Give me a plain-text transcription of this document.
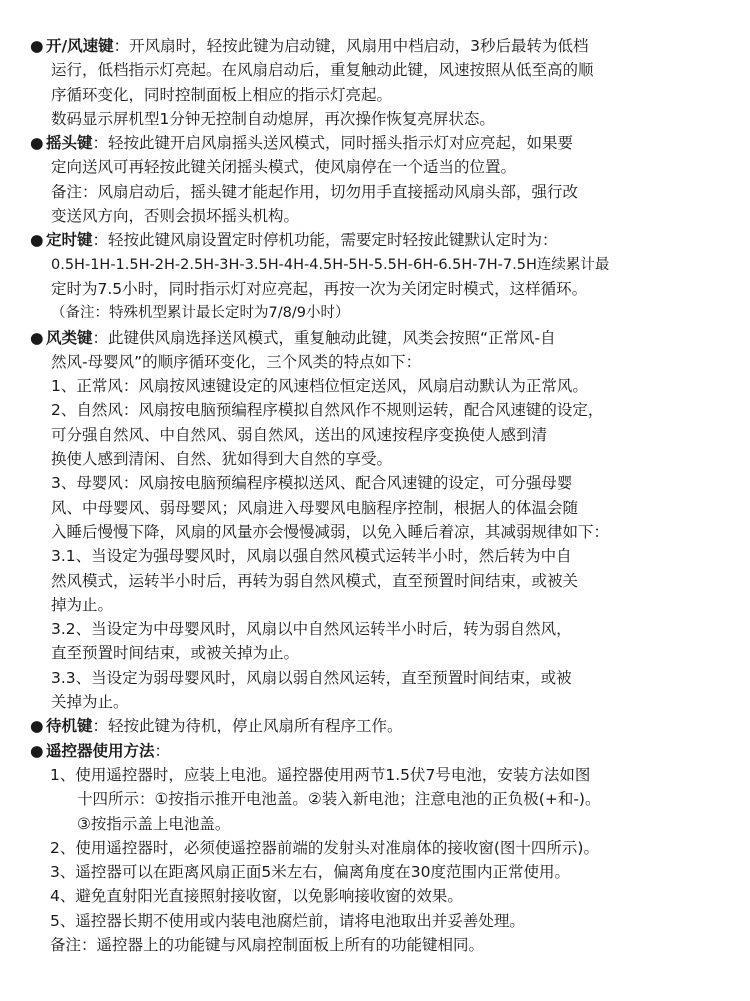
● 开/风速键：开风扇时，轻按此键为启动键，风扇用中档启动，3秒后最转为低档
运行，低档指示灯亮起。在风扇启动后，重复触动此键，风速按照从低至高的顺
序循环变化，同时控制面板上相应的指示灯亮起。
数码显示屏机型1分钟无控制自动熄屏，再次操作恢复亮屏状态。
● 摇头键：轻按此键开启风扇摇头送风模式，同时摇头指示灯对应亮起，如果要
定向送风可再轻按此键关闭摇头模式，使风扇停在一个适当的位置。
备注：风扇启动后，摇头键才能起作用，切勿用手直接摇动风扇头部，强行改
变送风方向，否则会损坏摇头机构。
● 定时键：轻按此键风扇设置定时停机功能，需要定时轻按此键默认定时为：
0.5H-1H-1.5H-2H-2.5H-3H-3.5H-4H-4.5H-5H-5.5H-6H-6.5H-7H-7.5H连续累计最
定时为7.5小时，同时指示灯对应亮起，再按一次为关闭定时模式，这样循环。
（备注：特殊机型累计最长定时为7/8/9小时）
● 风类键：此键供风扇选择送风模式，重复触动此键，风类会按照“正常风-自
然风-母婴风”的顺序循环变化，三个风类的特点如下：
1、正常风：风扇按风速键设定的风速档位恒定送风，风扇启动默认为正常风。
2、自然风：风扇按电脑预编程序模拟自然风作不规则运转，配合风速键的设定，
可分强自然风、中自然风、弱自然风，送出的风速按程序变换使人感到清
换使人感到清闲、自然、犹如得到大自然的享受。
3、母婴风：风扇按电脑预编程序模拟送风、配合风速键的设定，可分强母婴
风、中母婴风、弱母婴风；风扇进入母婴风电脑程序控制，根据人的体温会随
入睡后慢慢下降，风扇的风量亦会慢慢减弱，以免入睡后着凉，其减弱规律如下：
3.1、当设定为强母婴风时，风扇以强自然风模式运转半小时，然后转为中自
然风模式，运转半小时后，再转为弱自然风模式，直至预置时间结束，或被关
掉为止。
3.2、当设定为中母婴风时，风扇以中自然风运转半小时后，转为弱自然风，
直至预置时间结束，或被关掉为止。
3.3、当设定为弱母婴风时，风扇以弱自然风运转，直至预置时间结束，或被
关掉为止。
● 待机键：轻按此键为待机，停止风扇所有程序工作。
● 遥控器使用方法：
1、使用遥控器时，应装上电池。遥控器使用两节1.5伏7号电池，安装方法如图
十四所示：①按指示推开电池盖。②装入新电池；注意电池的正负极(+和-)。
③按指示盖上电池盖。
2、使用遥控器时，必须使遥控器前端的发射头对准扇体的接收窗(图十四所示)。
3、遥控器可以在距离风扇正面5米左右，偏离角度在30度范围内正常使用。
4、避免直射阳光直接照射接收窗，以免影响接收窗的效果。
5、遥控器长期不使用或内装电池腐烂前，请将电池取出并妥善处理。
备注：遥控器上的功能键与风扇控制面板上所有的功能键相同。
